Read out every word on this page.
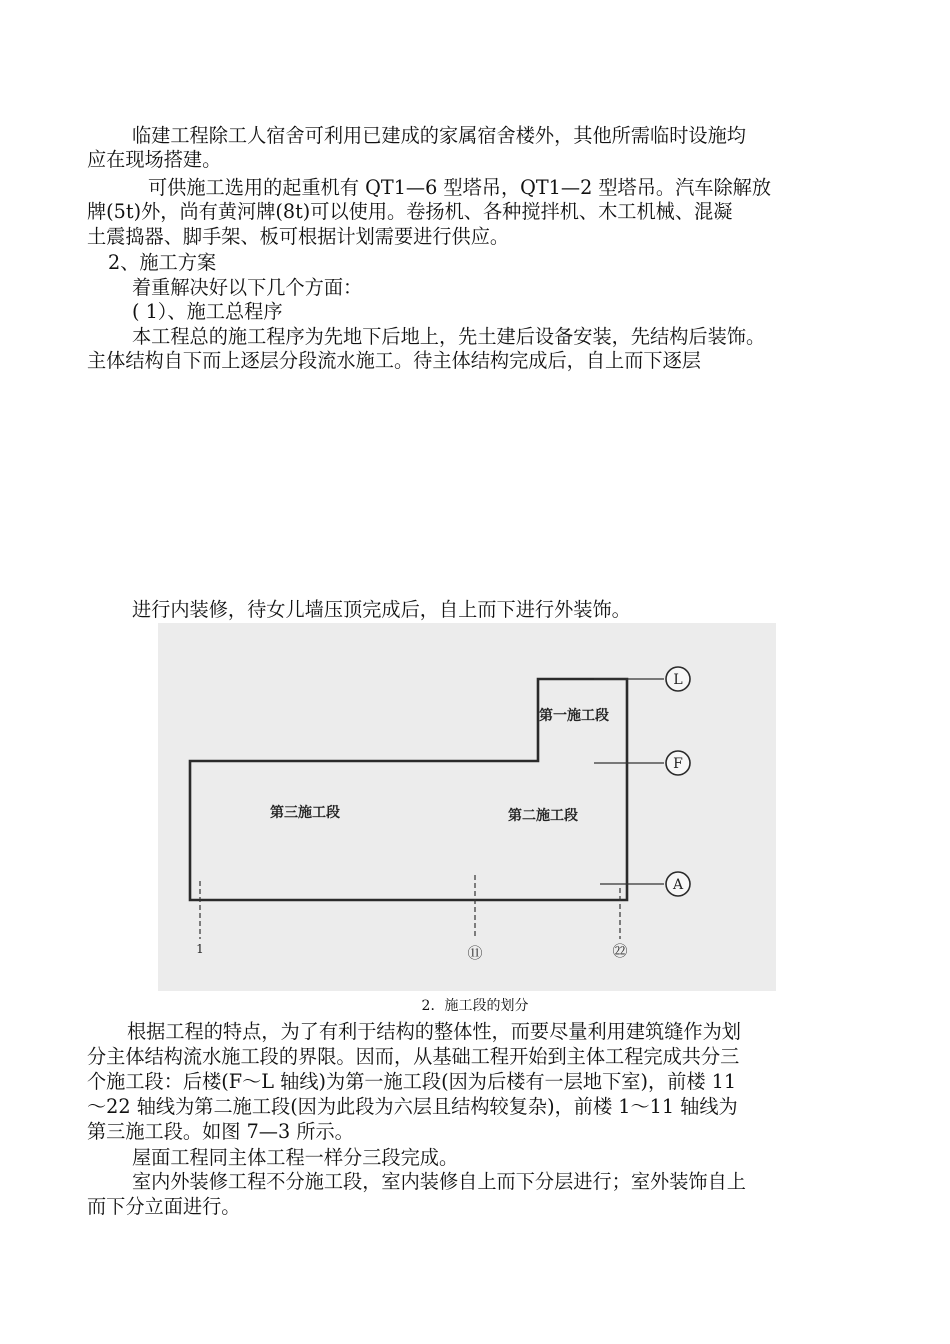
临建工程除工人宿舍可利用已建成的家属宿舍楼外，其他所需临时设施均
应在现场搭建。
可供施工选用的起重机有 QT1—6 型塔吊，QT1—2 型塔吊。汽车除解放
牌(5t)外，尚有黄河牌(8t)可以使用。卷扬机、各种搅拌机、木工机械、混凝
土震捣器、脚手架、板可根据计划需要进行供应。
2、施工方案
着重解决好以下几个方面：
( 1）、施工总程序
本工程总的施工程序为先地下后地上，先土建后设备安装，先结构后装饰。
主体结构自下而上逐层分段流水施工。待主体结构完成后，自上而下逐层
进行内装修，待女儿墙压顶完成后，自上而下进行外装饰。
L
F
A
1	⑪	㉒
第一施工段
第二施工段
第三施工段
2．施工段的划分
根据工程的特点，为了有利于结构的整体性，而要尽量利用建筑缝作为划
分主体结构流水施工段的界限。因而，从基础工程开始到主体工程完成共分三
个施工段：后楼(F～L 轴线)为第一施工段(因为后楼有一层地下室)，前楼 11
～22 轴线为第二施工段(因为此段为六层且结构较复杂)，前楼 1～11 轴线为
第三施工段。如图 7—3 所示。
屋面工程同主体工程一样分三段完成。
室内外装修工程不分施工段，室内装修自上而下分层进行；室外装饰自上
而下分立面进行。
